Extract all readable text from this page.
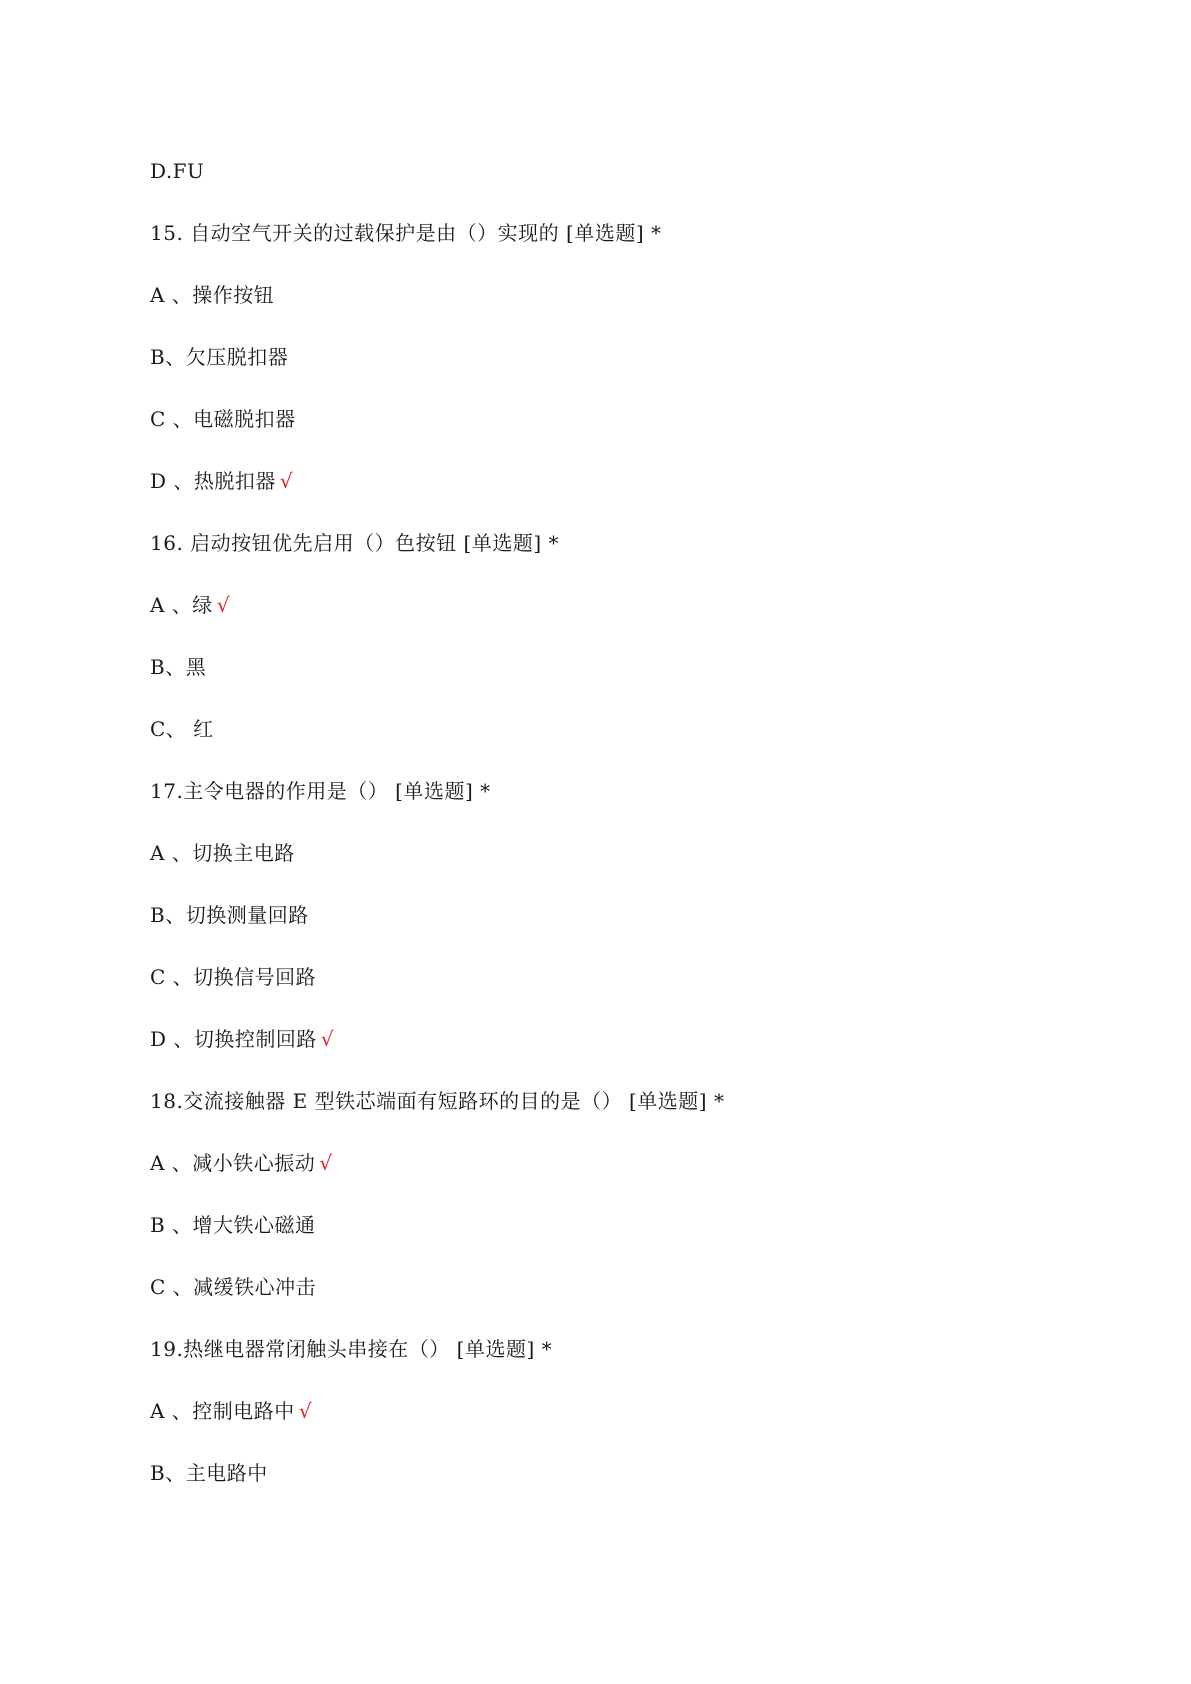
D.FU
15. 自动空气开关的过载保护是由（）实现的 [单选题] *
A 、操作按钮
B、欠压脱扣器
C 、电磁脱扣器
D 、热脱扣器 √
16. 启动按钮优先启用（）色按钮 [单选题] *
A 、绿 √
B、黑
C、 红
17.主令电器的作用是（） [单选题] *
A 、切换主电路
B、切换测量回路
C 、切换信号回路
D 、切换控制回路 √
18.交流接触器 E 型铁芯端面有短路环的目的是（） [单选题] *
A 、减小铁心振动 √
B 、增大铁心磁通
C 、减缓铁心冲击
19.热继电器常闭触头串接在（） [单选题] *
A 、控制电路中 √
B、主电路中
